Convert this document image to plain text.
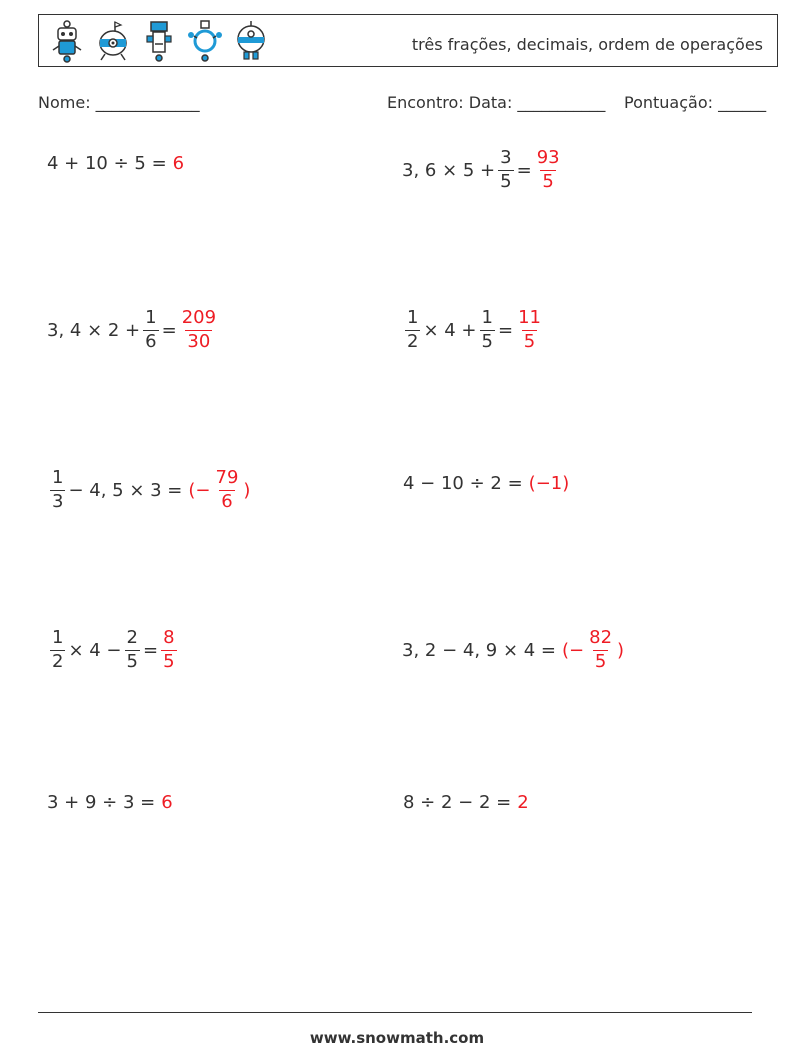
três frações, decimais, ordem de operações
Nome: _____________	Encontro: Data: ___________ Pontuação: ______
4 + 10 ÷ 5 = 6	3, $6 \times 5 + \frac{3}{5} = \frac{93}{5}$
3, $4 \times 2 + \frac{1}{6} = \frac{209}{30}$	$\frac{1}{2} \times 4 + \frac{1}{5} = \frac{11}{5}$
$\frac{1}{3} - 4$, 5 × 3 = (− $\frac{79}{6}$ )	4 − 10 ÷ 2 = (−1)
$\frac{1}{2} \times 4 - \frac{2}{5} = \frac{8}{5}$	3, 2 − 4, 9 × 4 = (− $\frac{82}{5}$ )
3 + 9 ÷ 3 = 6	8 ÷ 2 − 2 = 2
www.snowmath.com
